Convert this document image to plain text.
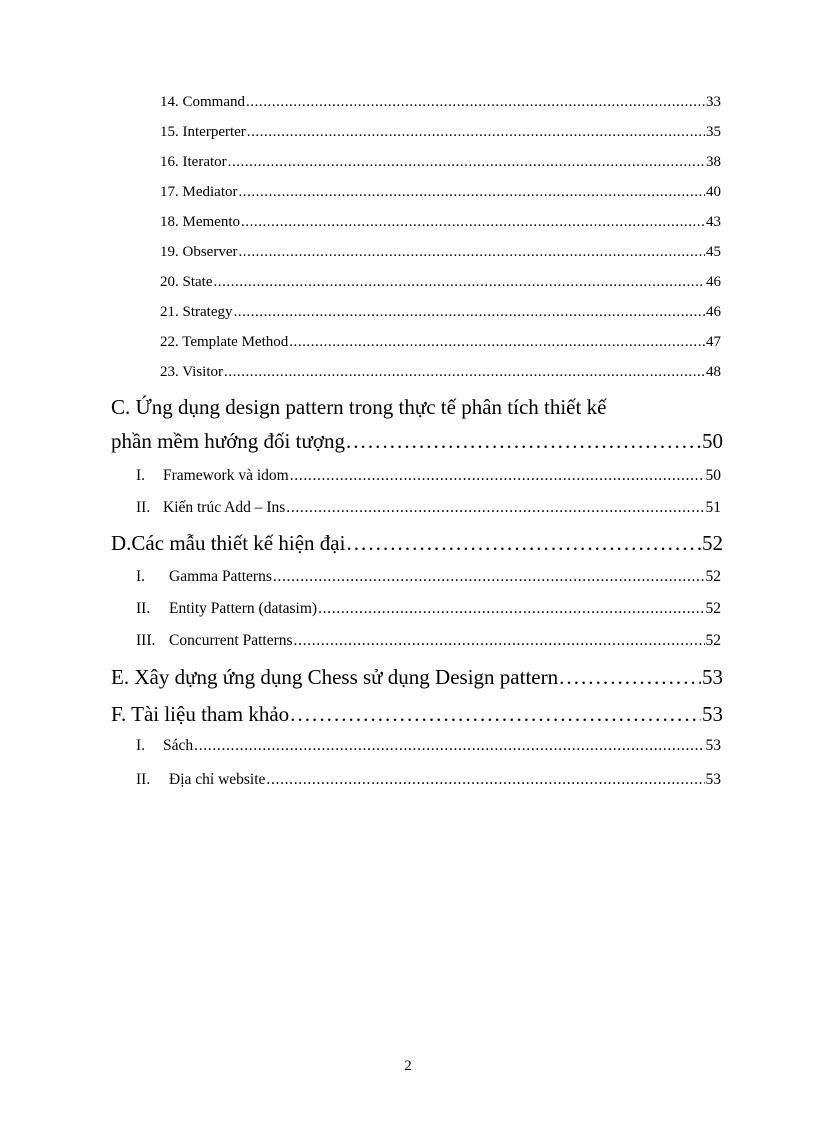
14. Command . . .	33
15. Interperter . . .	35
16. Iterator . . .	38
17. Mediator . . .	40
18. Memento . . .	43
19. Observer . . .	45
20. State . . .	46
21. Strategy . . .	46
22. Template Method . . .	47
23. Visitor . . .	48
C. Ứng dụng design pattern trong thực tế phân tích thiết kế
phần mềm hướng đối tượng . . .	50
I. Framework và idom . . .	50
II. Kiến trúc Add – Ins . . .	51
D.Các mẫu thiết kế hiện đại . . .	52
I. Gamma Patterns . . .	52
II. Entity Pattern (datasim) . . .	52
III. Concurrent Patterns . . .	52
E. Xây dựng ứng dụng Chess sử dụng Design pattern . . .	53
F. Tài liệu tham khảo . . .	53
I. Sách . . .	53
II. Địa chỉ website . . .	53
2
